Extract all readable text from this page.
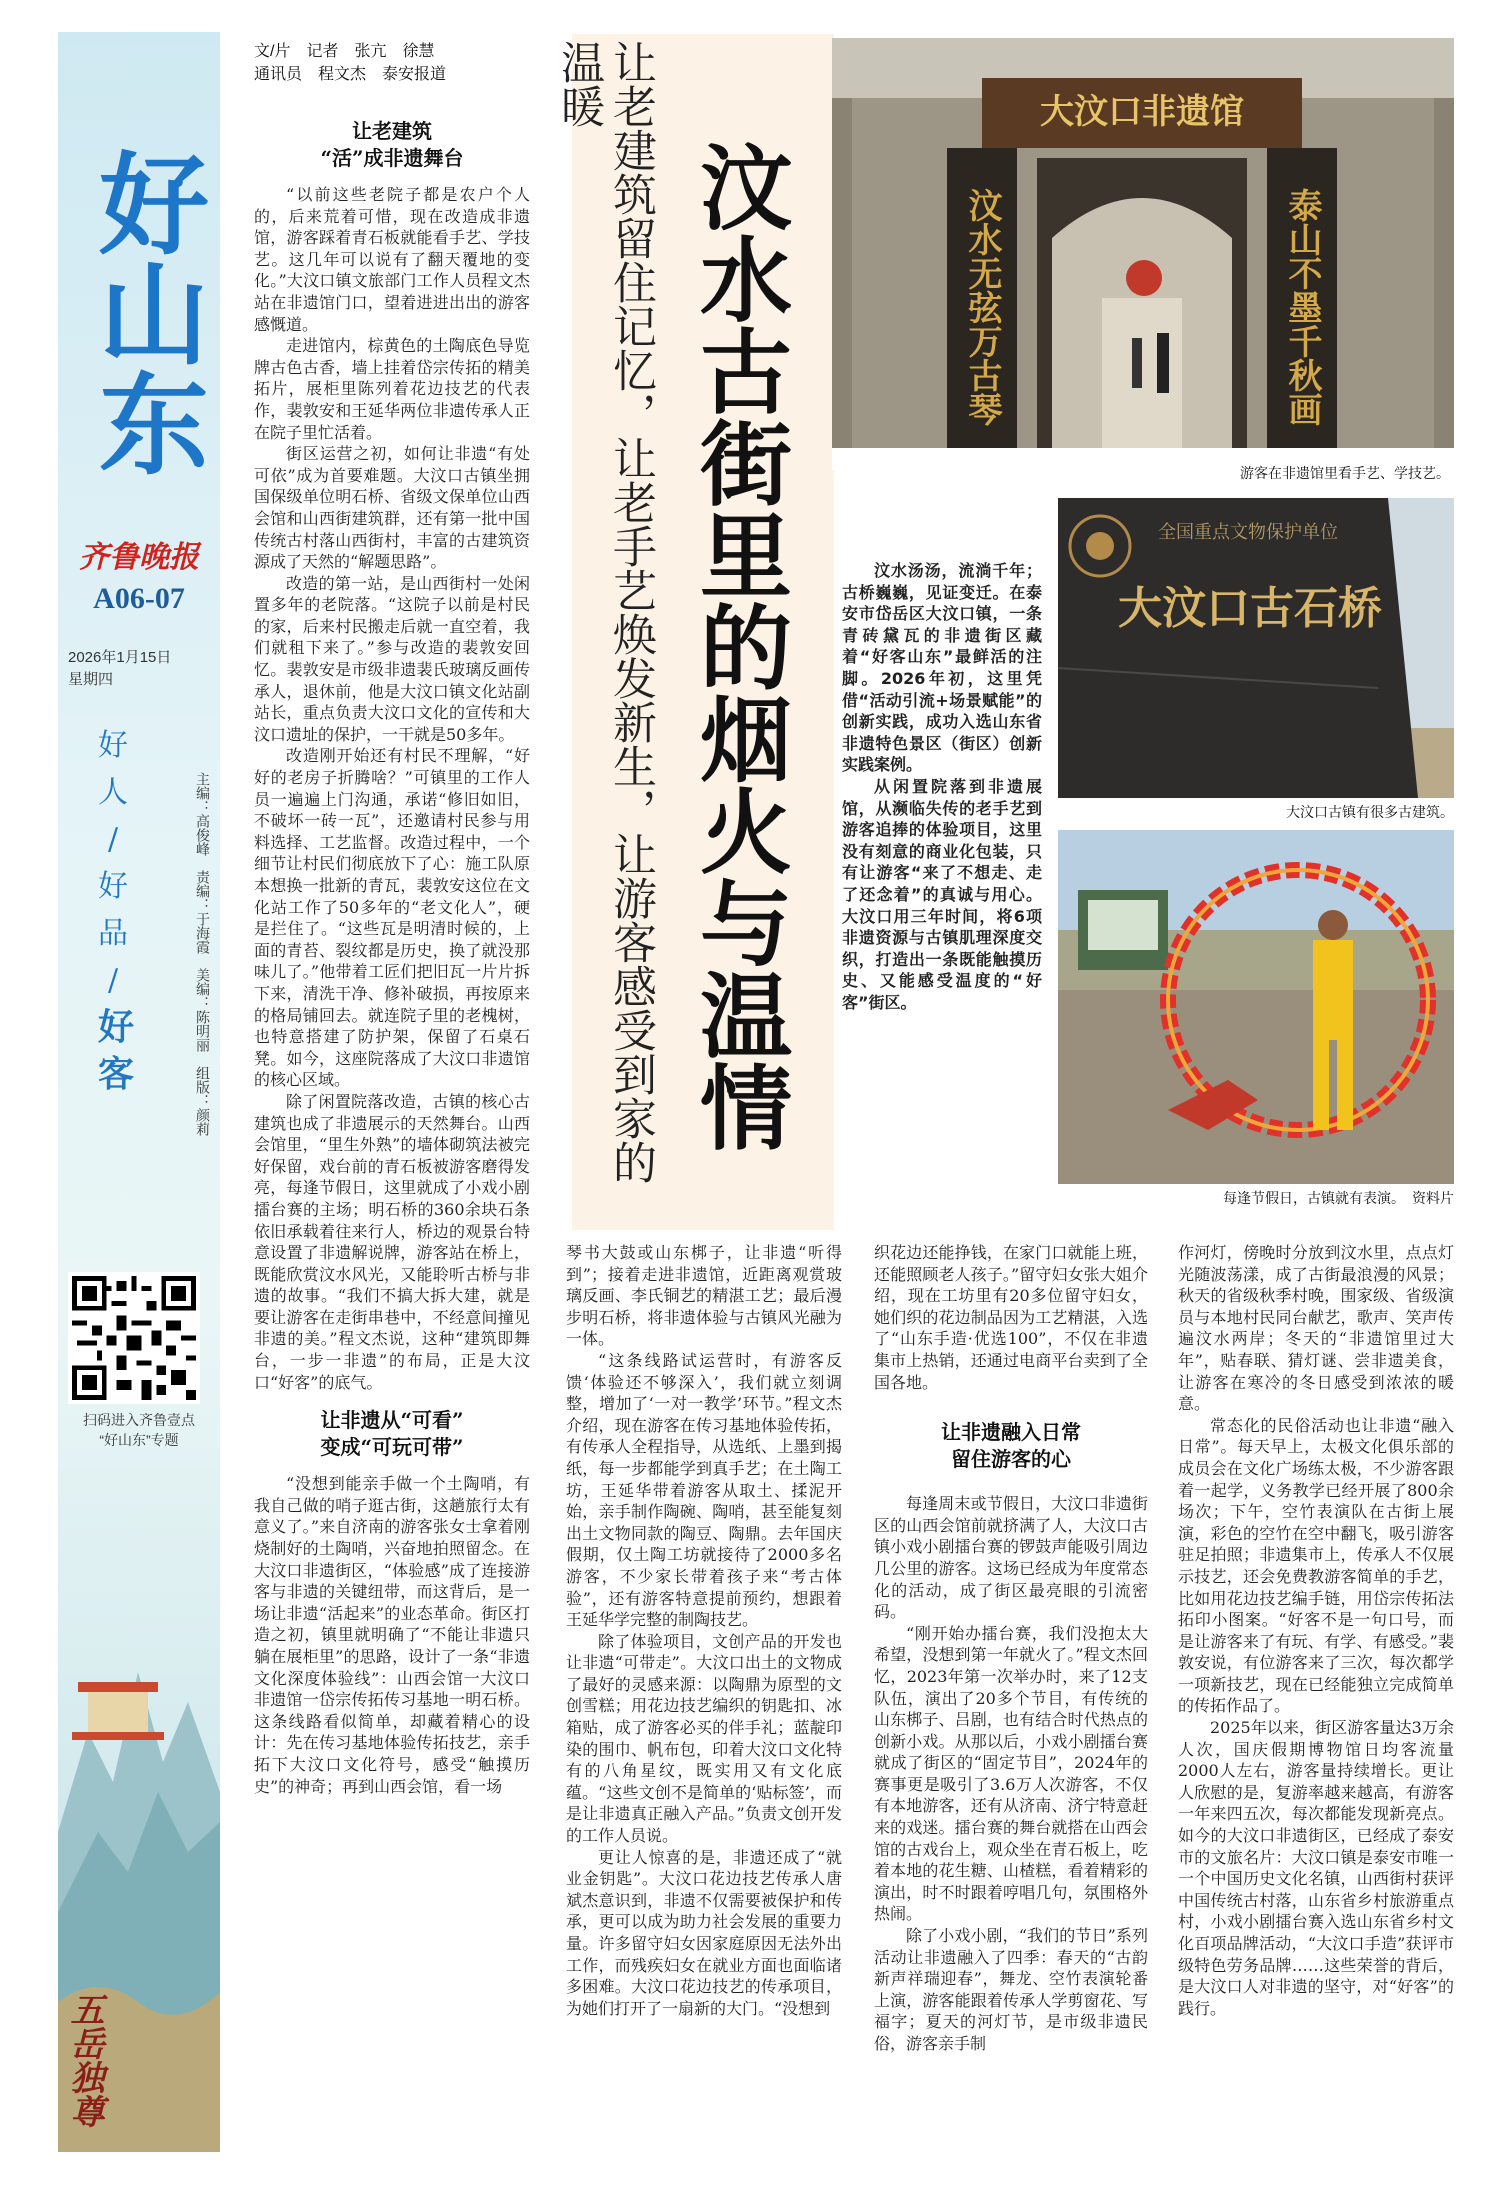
好山东
齐鲁晚报
A06-07
2026年1月15日
星期四
好
人
/
好
品
/
好
客	主编：高俊峰　责编：于海霞　美编：陈明丽　组版：颜莉
扫码进入齐鲁壹点
“好山东”专题
五岳独尊
文/片　记者　张亢　徐慧
通讯员　程文杰　泰安报道
让老建筑
“活”成非遗舞台

“以前这些老院子都是农户个人的，后来荒着可惜，现在改造成非遗馆，游客踩着青石板就能看手艺、学技艺。这几年可以说有了翻天覆地的变化。”大汶口镇文旅部门工作人员程文杰站在非遗馆门口，望着进进出出的游客感慨道。

走进馆内，棕黄色的土陶底色导览牌古色古香，墙上挂着岱宗传拓的精美拓片，展柜里陈列着花边技艺的代表作，裴敦安和王延华两位非遗传承人正在院子里忙活着。

街区运营之初，如何让非遗“有处可依”成为首要难题。大汶口古镇坐拥国保级单位明石桥、省级文保单位山西会馆和山西街建筑群，还有第一批中国传统古村落山西街村，丰富的古建筑资源成了天然的“解题思路”。

改造的第一站，是山西街村一处闲置多年的老院落。“这院子以前是村民的家，后来村民搬走后就一直空着，我们就租下来了。”参与改造的裴敦安回忆。裴敦安是市级非遗裴氏玻璃反画传承人，退休前，他是大汶口镇文化站副站长，重点负责大汶口文化的宣传和大汶口遗址的保护，一干就是50多年。

改造刚开始还有村民不理解，“好好的老房子折腾啥？”可镇里的工作人员一遍遍上门沟通，承诺“修旧如旧，不破坏一砖一瓦”，还邀请村民参与用料选择、工艺监督。改造过程中，一个细节让村民们彻底放下了心：施工队原本想换一批新的青瓦，裴敦安这位在文化站工作了50多年的“老文化人”，硬是拦住了。“这些瓦是明清时候的，上面的青苔、裂纹都是历史，换了就没那味儿了。”他带着工匠们把旧瓦一片片拆下来，清洗干净、修补破损，再按原来的格局铺回去。就连院子里的老槐树，也特意搭建了防护架，保留了石桌石凳。如今，这座院落成了大汶口非遗馆的核心区域。

除了闲置院落改造，古镇的核心古建筑也成了非遗展示的天然舞台。山西会馆里，“里生外熟”的墙体砌筑法被完好保留，戏台前的青石板被游客磨得发亮，每逢节假日，这里就成了小戏小剧擂台赛的主场；明石桥的360余块石条依旧承载着往来行人，桥边的观景台特意设置了非遗解说牌，游客站在桥上，既能欣赏汶水风光，又能聆听古桥与非遗的故事。“我们不搞大拆大建，就是要让游客在走街串巷中，不经意间撞见非遗的美。”程文杰说，这种“建筑即舞台，一步一非遗”的布局，正是大汶口“好客”的底气。

让非遗从“可看”
变成“可玩可带”

“没想到能亲手做一个土陶哨，有我自己做的哨子逛古街，这趟旅行太有意义了。”来自济南的游客张女士拿着刚烧制好的土陶哨，兴奋地拍照留念。在大汶口非遗街区，“体验感”成了连接游客与非遗的关键纽带，而这背后，是一场让非遗“活起来”的业态革命。街区打造之初，镇里就明确了“不能让非遗只躺在展柜里”的思路，设计了一条“非遗文化深度体验线”：山西会馆一大汶口非遗馆一岱宗传拓传习基地一明石桥。这条线路看似简单，却藏着精心的设计：先在传习基地体验传拓技艺，亲手拓下大汶口文化符号，感受“触摸历史”的神奇；再到山西会馆，看一场

让老建筑留住记忆，让老手艺焕发新生，让游客感受到家的温暖
汶水古街里的烟火与温情
大汶口非遗馆
汶水无弦万古琴	泰山不墨千秋画
游客在非遗馆里看手艺、学技艺。
全国重点文物保护单位
大汶口古石桥
大汶口古镇有很多古建筑。
每逢节假日，古镇就有表演。　资料片

汶水汤汤，流淌千年；古桥巍巍，见证变迁。在泰安市岱岳区大汶口镇，一条青砖黛瓦的非遗街区藏着“好客山东”最鲜活的注脚。2026年初，这里凭借“活动引流+场景赋能”的创新实践，成功入选山东省非遗特色景区（街区）创新实践案例。

从闲置院落到非遗展馆，从濒临失传的老手艺到游客追捧的体验项目，这里没有刻意的商业化包装，只有让游客“来了不想走、走了还念着”的真诚与用心。大汶口用三年时间，将6项非遗资源与古镇肌理深度交织，打造出一条既能触摸历史、又能感受温度的“好客”街区。

琴书大鼓或山东梆子，让非遗“听得到”；接着走进非遗馆，近距离观赏玻璃反画、李氏铜艺的精湛工艺；最后漫步明石桥，将非遗体验与古镇风光融为一体。

“这条线路试运营时，有游客反馈‘体验还不够深入’，我们就立刻调整，增加了‘一对一教学’环节。”程文杰介绍，现在游客在传习基地体验传拓，有传承人全程指导，从选纸、上墨到揭纸，每一步都能学到真手艺；在土陶工坊，王延华带着游客从取土、揉泥开始，亲手制作陶碗、陶哨，甚至能复刻出土文物同款的陶豆、陶鼎。去年国庆假期，仅土陶工坊就接待了2000多名游客，不少家长带着孩子来“考古体验”，还有游客特意提前预约，想跟着王延华学完整的制陶技艺。

除了体验项目，文创产品的开发也让非遗“可带走”。大汶口出土的文物成了最好的灵感来源：以陶鼎为原型的文创雪糕；用花边技艺编织的钥匙扣、冰箱贴，成了游客必买的伴手礼；蓝靛印染的围巾、帆布包，印着大汶口文化特有的八角星纹，既实用又有文化底蕴。“这些文创不是简单的‘贴标签’，而是让非遗真正融入产品。”负责文创开发的工作人员说。

更让人惊喜的是，非遗还成了“就业金钥匙”。大汶口花边技艺传承人唐斌杰意识到，非遗不仅需要被保护和传承，更可以成为助力社会发展的重要力量。许多留守妇女因家庭原因无法外出工作，而残疾妇女在就业方面也面临诸多困难。大汶口花边技艺的传承项目，为她们打开了一扇新的大门。“没想到

织花边还能挣钱，在家门口就能上班，还能照顾老人孩子。”留守妇女张大姐介绍，现在工坊里有20多位留守妇女，她们织的花边制品因为工艺精湛，入选了“山东手造·优选100”，不仅在非遗集市上热销，还通过电商平台卖到了全国各地。

让非遗融入日常
留住游客的心

每逢周末或节假日，大汶口非遗街区的山西会馆前就挤满了人，大汶口古镇小戏小剧擂台赛的锣鼓声能吸引周边几公里的游客。这场已经成为年度常态化的活动，成了街区最亮眼的引流密码。

“刚开始办擂台赛，我们没抱太大希望，没想到第一年就火了。”程文杰回忆，2023年第一次举办时，来了12支队伍，演出了20多个节目，有传统的山东梆子、吕剧，也有结合时代热点的创新小戏。从那以后，小戏小剧擂台赛就成了街区的“固定节目”，2024年的赛事更是吸引了3.6万人次游客，不仅有本地游客，还有从济南、济宁特意赶来的戏迷。擂台赛的舞台就搭在山西会馆的古戏台上，观众坐在青石板上，吃着本地的花生糖、山楂糕，看着精彩的演出，时不时跟着哼唱几句，氛围格外热闹。

除了小戏小剧，“我们的节日”系列活动让非遗融入了四季：春天的“古韵新声祥瑞迎春”，舞龙、空竹表演轮番上演，游客能跟着传承人学剪窗花、写福字；夏天的河灯节，是市级非遗民俗，游客亲手制

作河灯，傍晚时分放到汶水里，点点灯光随波荡漾，成了古街最浪漫的风景；秋天的省级秋季村晚，围家级、省级演员与本地村民同台献艺，歌声、笑声传遍汶水两岸；冬天的“非遗馆里过大年”，贴春联、猜灯谜、尝非遗美食，让游客在寒冷的冬日感受到浓浓的暖意。

常态化的民俗活动也让非遗“融入日常”。每天早上，太极文化俱乐部的成员会在文化广场练太极，不少游客跟着一起学，义务教学已经开展了800余场次；下午，空竹表演队在古街上展演，彩色的空竹在空中翻飞，吸引游客驻足拍照；非遗集市上，传承人不仅展示技艺，还会免费教游客简单的手艺，比如用花边技艺编手链，用岱宗传拓法拓印小图案。“好客不是一句口号，而是让游客来了有玩、有学、有感受。”裴敦安说，有位游客来了三次，每次都学一项新技艺，现在已经能独立完成简单的传拓作品了。

2025年以来，街区游客量达3万余人次，国庆假期博物馆日均客流量2000人左右，游客量持续增长。更让人欣慰的是，复游率越来越高，有游客一年来四五次，每次都能发现新亮点。如今的大汶口非遗街区，已经成了泰安市的文旅名片：大汶口镇是泰安市唯一一个中国历史文化名镇，山西街村获评中国传统古村落，山东省乡村旅游重点村，小戏小剧擂台赛入选山东省乡村文化百项品牌活动，“大汶口手造”获评市级特色劳务品牌……这些荣誉的背后，是大汶口人对非遗的坚守，对“好客”的践行。
